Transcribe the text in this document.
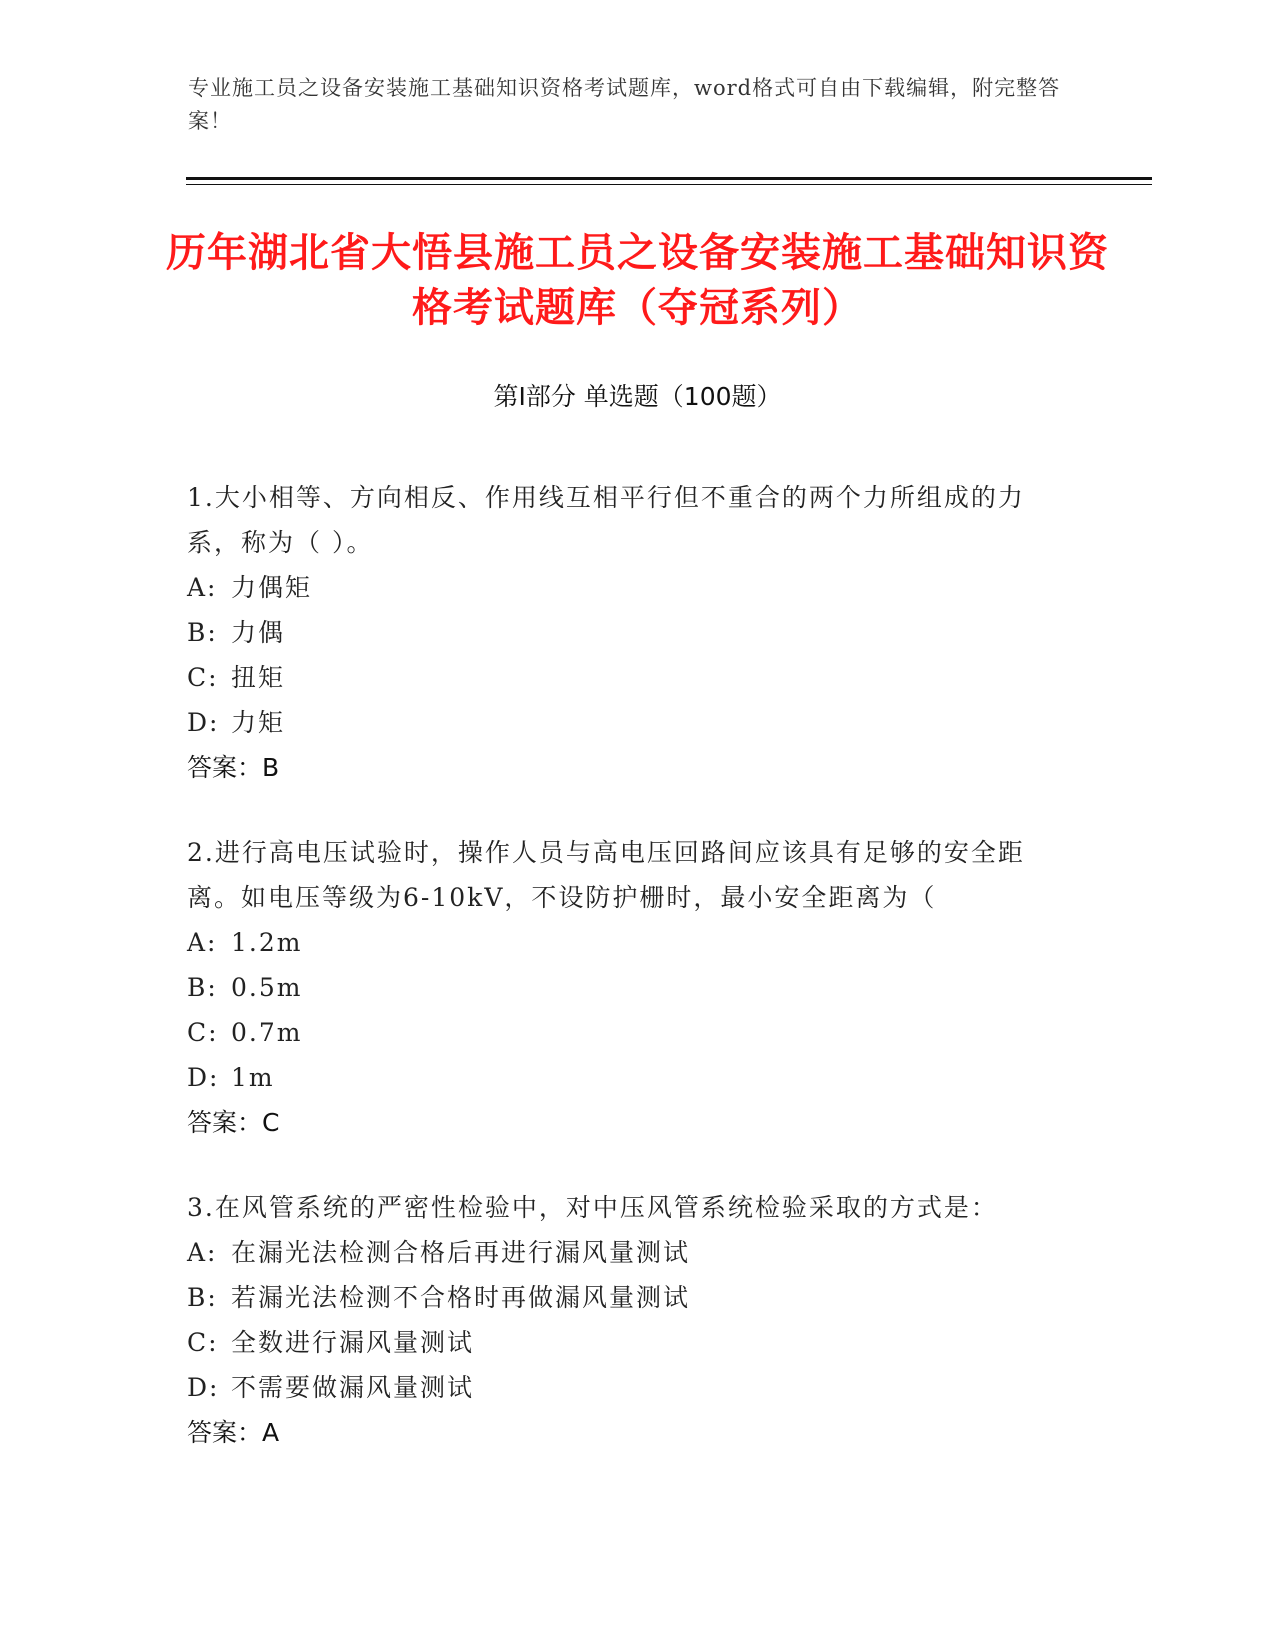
专业施工员之设备安装施工基础知识资格考试题库，word格式可自由下载编辑，附完整答案！
历年湖北省大悟县施工员之设备安装施工基础知识资格考试题库（夺冠系列）
第Ⅰ部分 单选题（100题）
1.大小相等、方向相反、作用线互相平行但不重合的两个力所组成的力系，称为（ ）。
A: 力偶矩
B: 力偶
C: 扭矩
D: 力矩
答案：B
2.进行高电压试验时，操作人员与高电压回路间应该具有足够的安全距离。如电压等级为6-10kV，不设防护栅时，最小安全距离为（
A: 1.2m
B: 0.5m
C: 0.7m
D: 1m
答案：C
3.在风管系统的严密性检验中，对中压风管系统检验采取的方式是：
A: 在漏光法检测合格后再进行漏风量测试
B: 若漏光法检测不合格时再做漏风量测试
C: 全数进行漏风量测试
D: 不需要做漏风量测试
答案：A
